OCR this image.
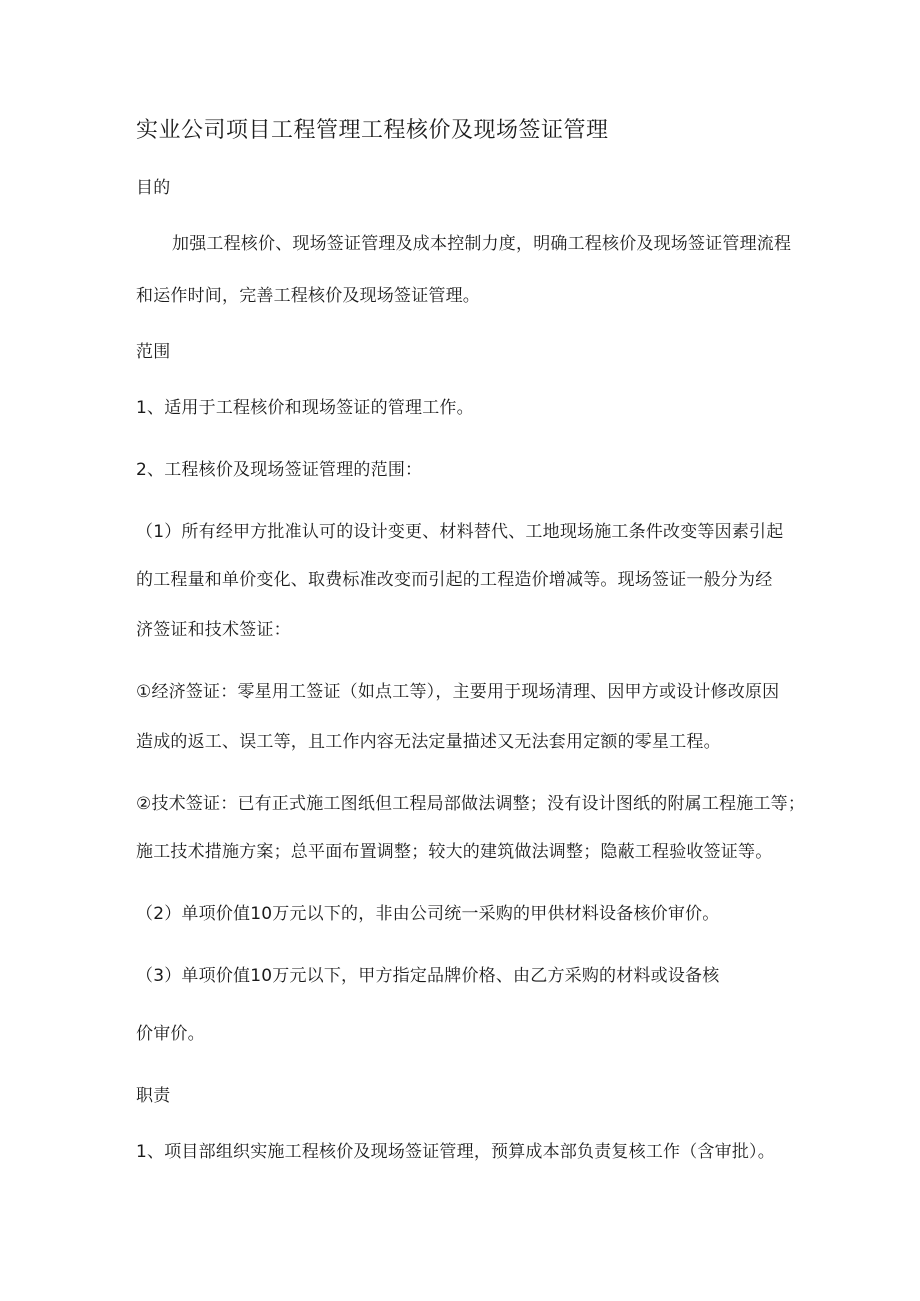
实业公司项目工程管理工程核价及现场签证管理
目的
加强工程核价、现场签证管理及成本控制力度，明确工程核价及现场签证管理流程
和运作时间，完善工程核价及现场签证管理。
范围
1、适用于工程核价和现场签证的管理工作。
2、工程核价及现场签证管理的范围：
（1）所有经甲方批准认可的设计变更、材料替代、工地现场施工条件改变等因素引起
的工程量和单价变化、取费标准改变而引起的工程造价增减等。现场签证一般分为经
济签证和技术签证：
①经济签证：零星用工签证（如点工等），主要用于现场清理、因甲方或设计修改原因
造成的返工、误工等，且工作内容无法定量描述又无法套用定额的零星工程。
②技术签证：已有正式施工图纸但工程局部做法调整；没有设计图纸的附属工程施工等；
施工技术措施方案；总平面布置调整；较大的建筑做法调整；隐蔽工程验收签证等。
（2）单项价值10万元以下的，非由公司统一采购的甲供材料设备核价审价。
（3）单项价值10万元以下，甲方指定品牌价格、由乙方采购的材料或设备核
价审价。
职责
1、项目部组织实施工程核价及现场签证管理，预算成本部负责复核工作（含审批）。
